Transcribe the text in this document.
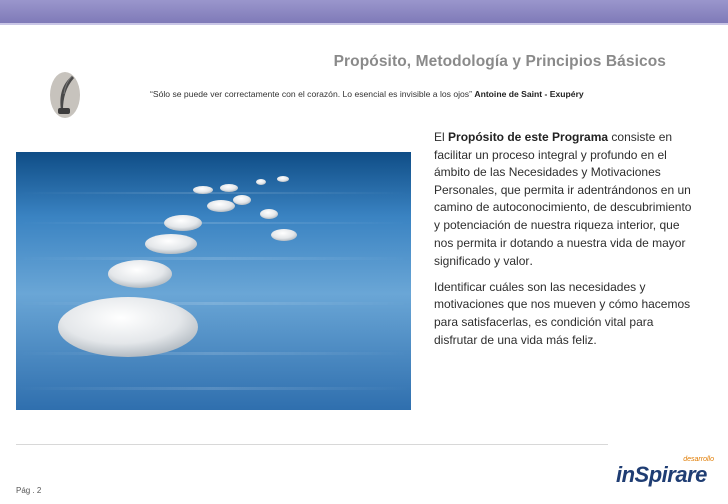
Propósito, Metodología y Principios Básicos
“Sólo se puede ver correctamente con el corazón. Lo esencial es invisible a los ojos” Antoine de Saint - Exupéry

El Propósito de este Programa consiste en facilitar un proceso integral y profundo en el ámbito de las Necesidades y Motivaciones Personales, que permita ir adentrándonos en un camino de autoconocimiento, de descubrimiento y potenciación de nuestra riqueza interior, que nos permita ir dotando a nuestra vida de mayor significado y valor.

Identificar cuáles son las necesidades y motivaciones que nos mueven y cómo hacemos para satisfacerlas, es condición vital para disfrutar de una vida más feliz.

Pág . 2
desarrollo
inSpirare
